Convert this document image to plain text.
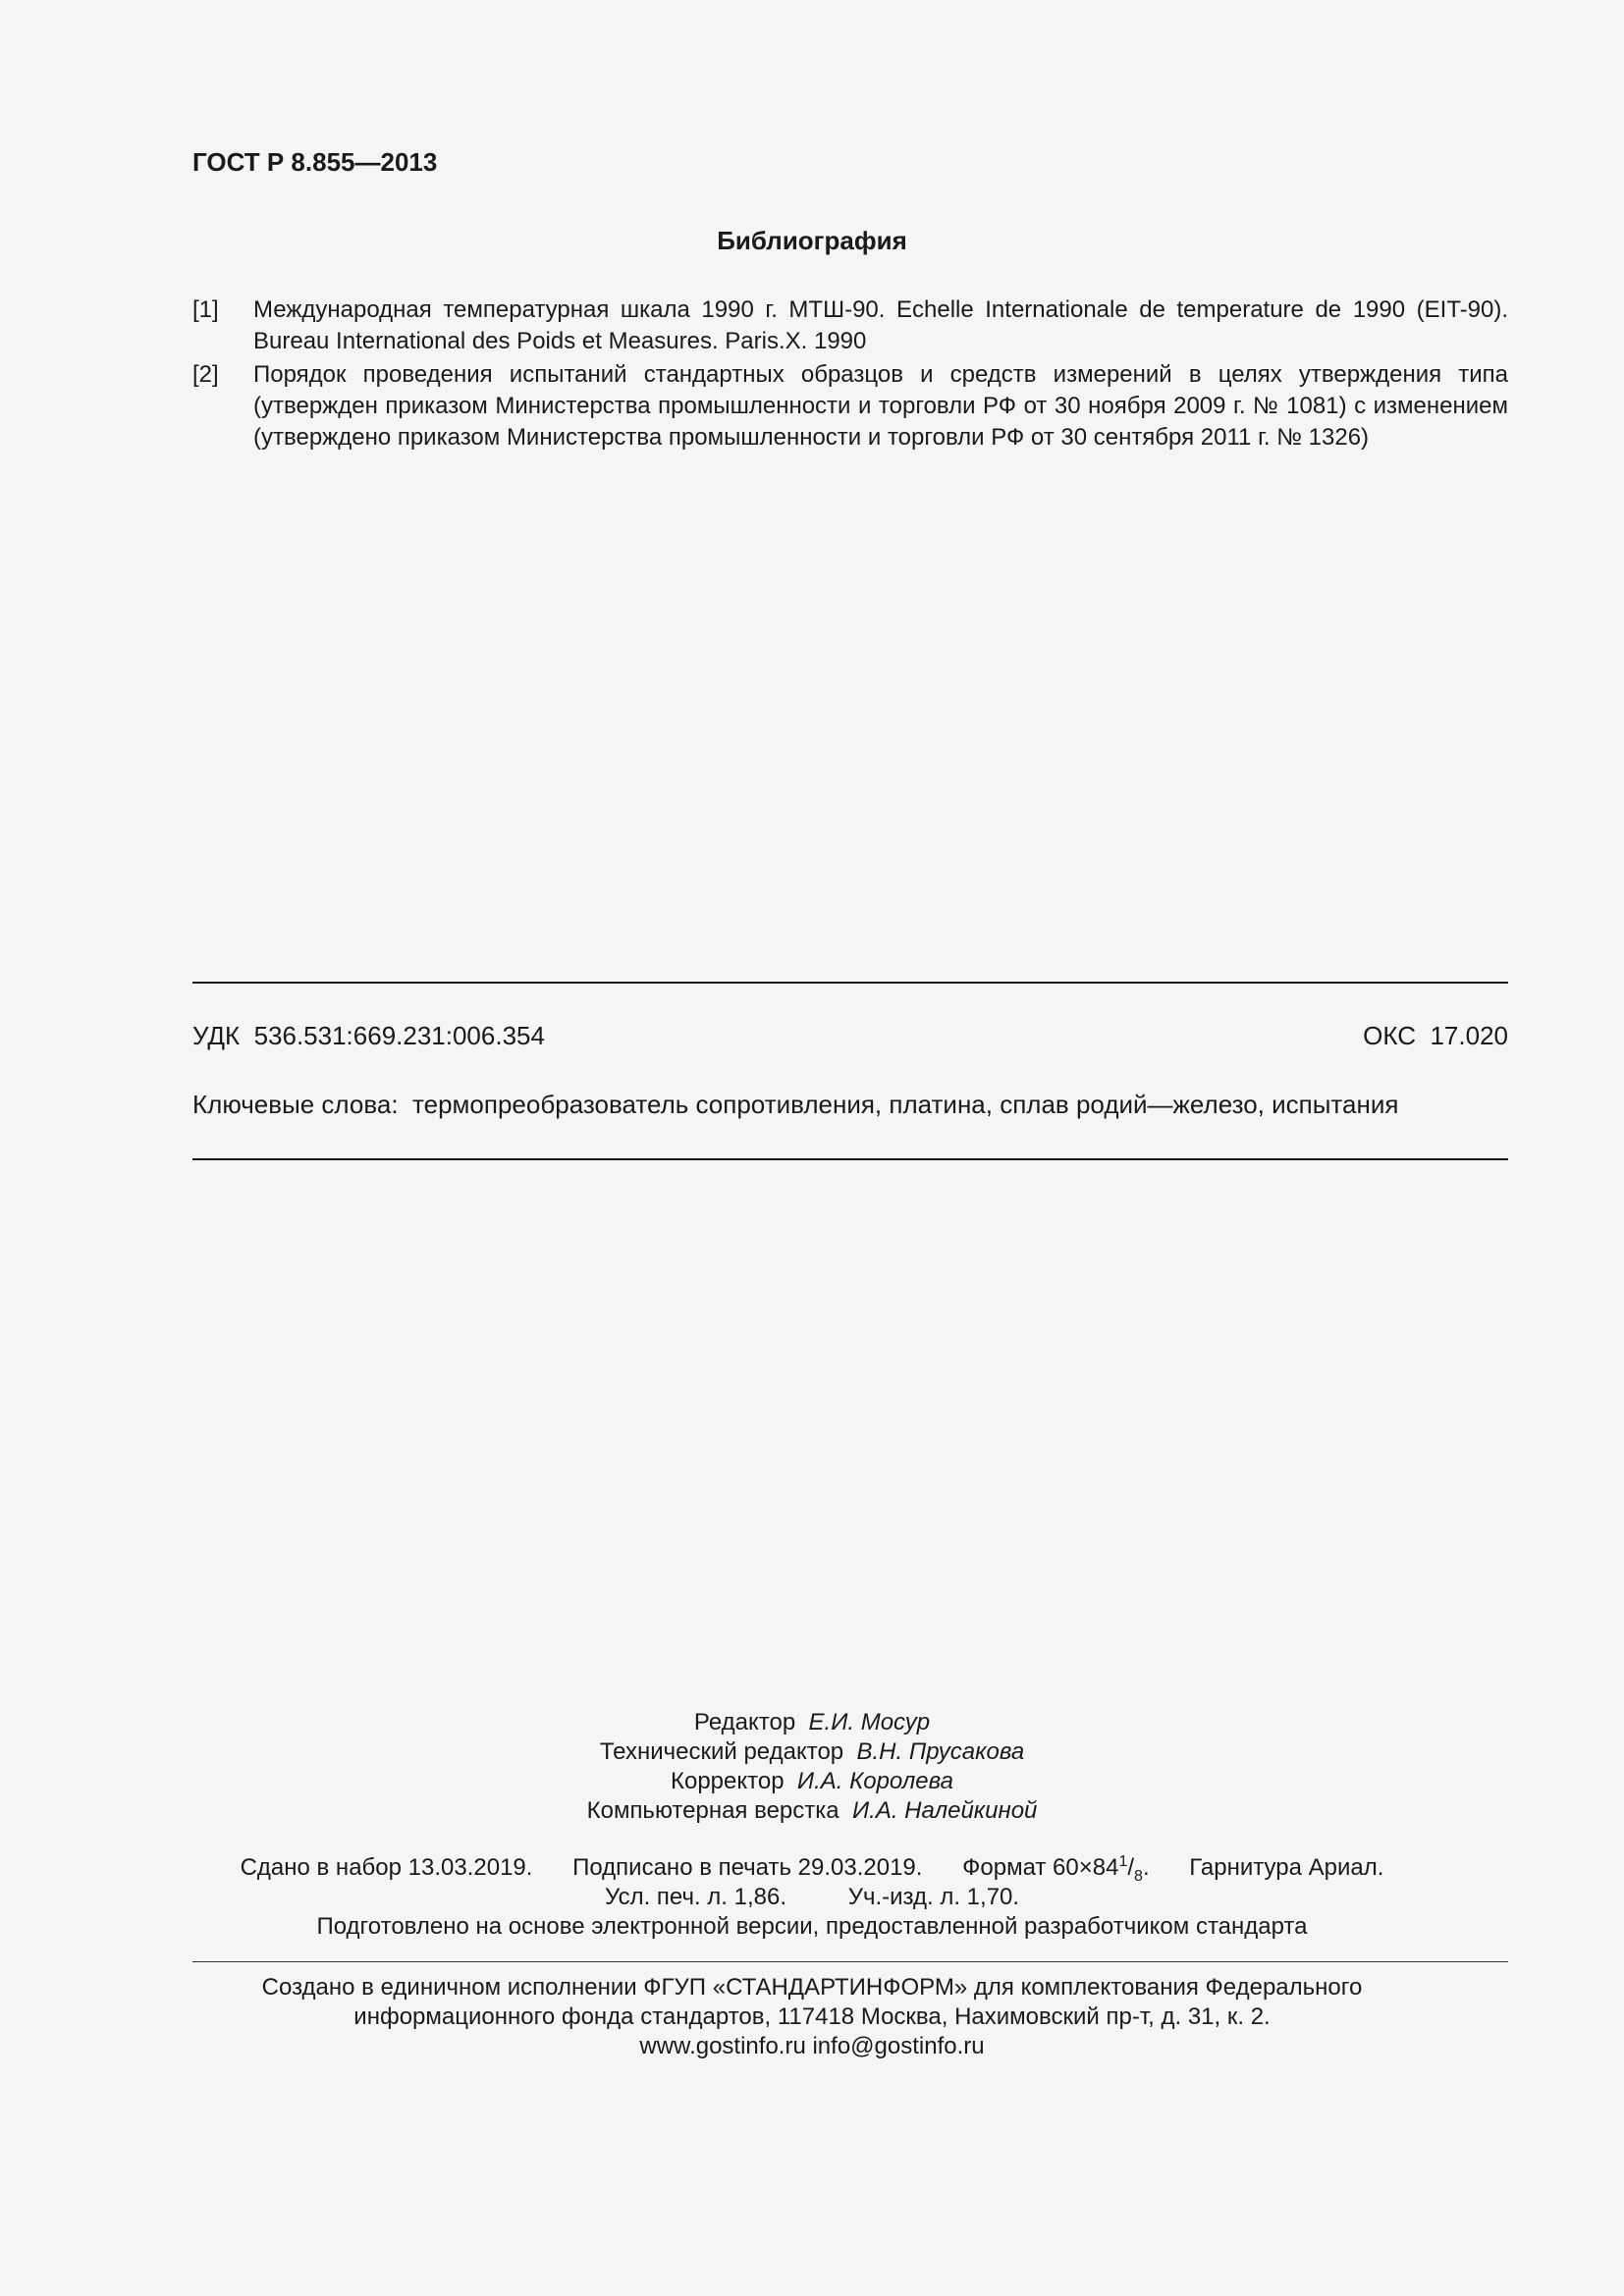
ГОСТ Р 8.855—2013
Библиография
[1] Международная температурная шкала 1990 г. МТШ-90. Echelle Internationale de temperature de 1990 (EIT-90). Bureau International des Poids et Measures. Paris.X. 1990
[2] Порядок проведения испытаний стандартных образцов и средств измерений в целях утверждения типа (утвержден приказом Министерства промышленности и торговли РФ от 30 ноября 2009 г. № 1081) с изменением (утверждено приказом Министерства промышленности и торговли РФ от 30 сентября 2011 г. № 1326)
УДК 536.531:669.231:006.354	ОКС 17.020
Ключевые слова: термопреобразователь сопротивления, платина, сплав родий—железо, испытания
Редактор Е.И. Мосур
Технический редактор В.Н. Прусакова
Корректор И.А. Королева
Компьютерная верстка И.А. Налейкиной
Сдано в набор 13.03.2019. Подписано в печать 29.03.2019. Формат $60\times 84^1/_8$. Гарнитура Ариал.
Усл. печ. л. 1,86.	Уч.-изд. л. 1,70.
Подготовлено на основе электронной версии, предоставленной разработчиком стандарта
Создано в единичном исполнении ФГУП «СТАНДАРТИНФОРМ» для комплектования Федерального
информационного фонда стандартов, 117418 Москва, Нахимовский пр-т, д. 31, к. 2.
www.gostinfo.ru info@gostinfo.ru
